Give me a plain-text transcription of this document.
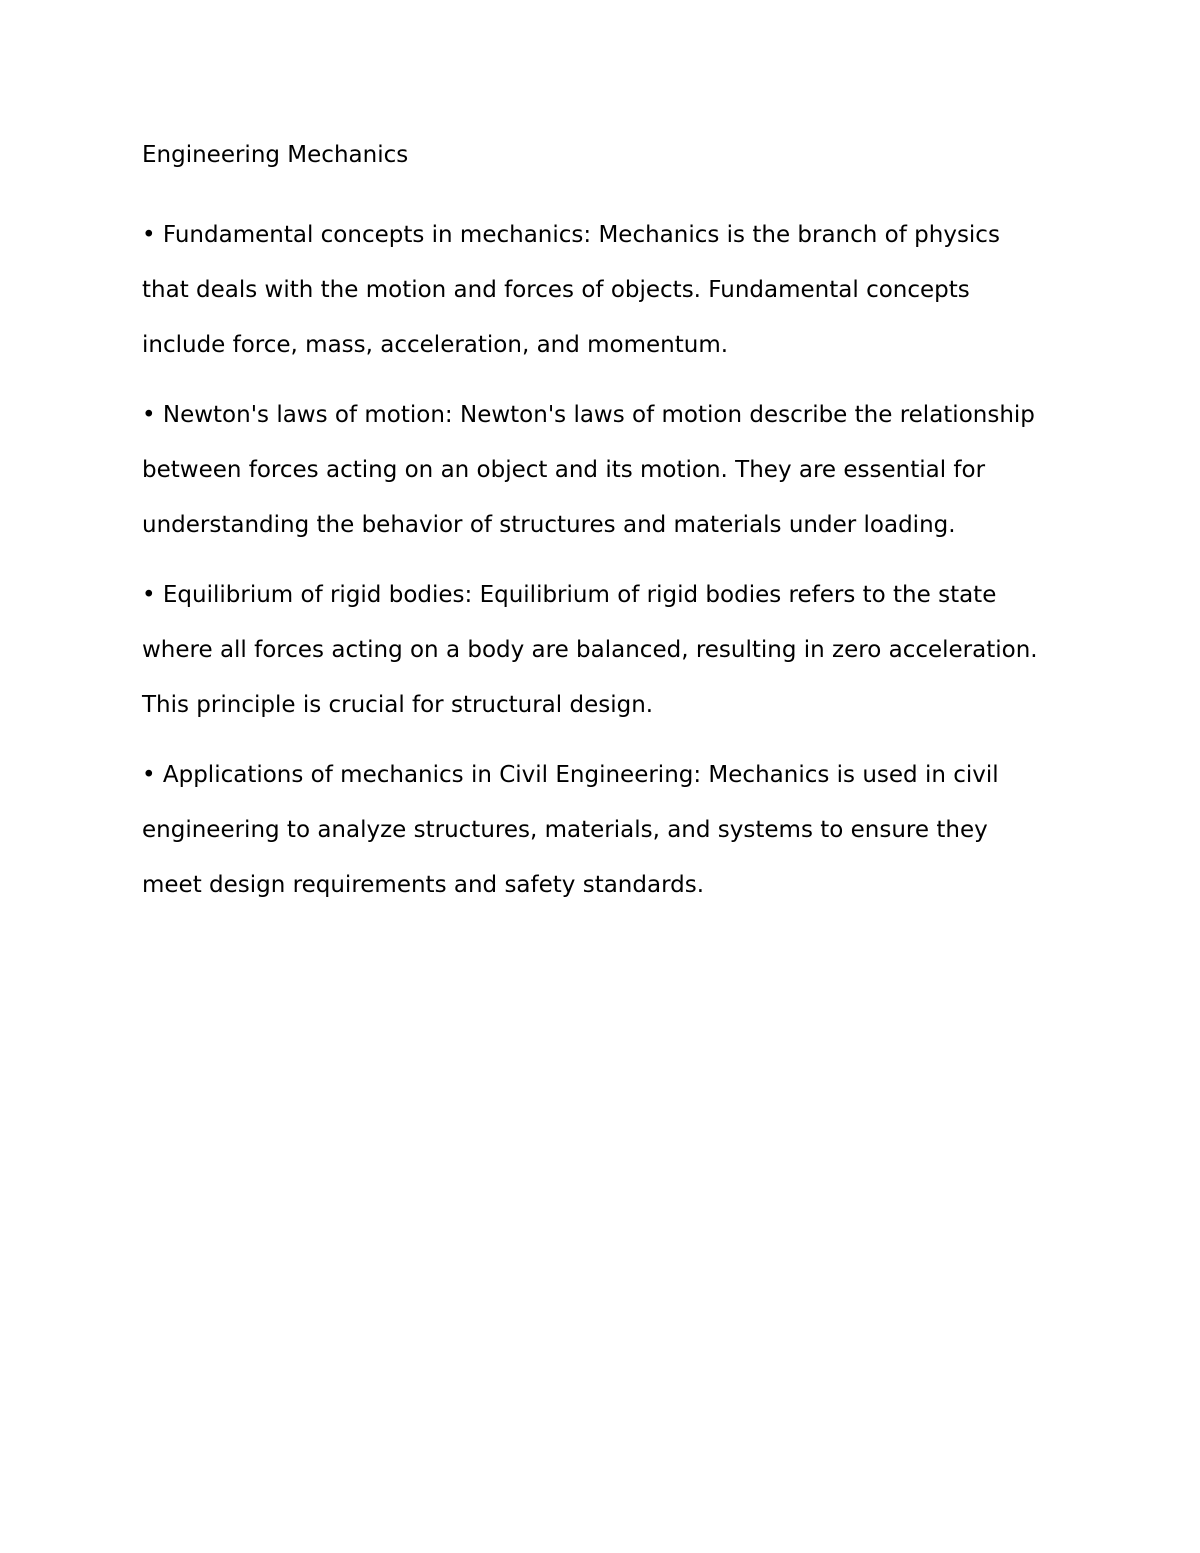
Engineering Mechanics

• Fundamental concepts in mechanics: Mechanics is the branch of physics
that deals with the motion and forces of objects. Fundamental concepts
include force, mass, acceleration, and momentum.

• Newton's laws of motion: Newton's laws of motion describe the relationship
between forces acting on an object and its motion. They are essential for
understanding the behavior of structures and materials under loading.

• Equilibrium of rigid bodies: Equilibrium of rigid bodies refers to the state
where all forces acting on a body are balanced, resulting in zero acceleration.
This principle is crucial for structural design.

• Applications of mechanics in Civil Engineering: Mechanics is used in civil
engineering to analyze structures, materials, and systems to ensure they
meet design requirements and safety standards.
